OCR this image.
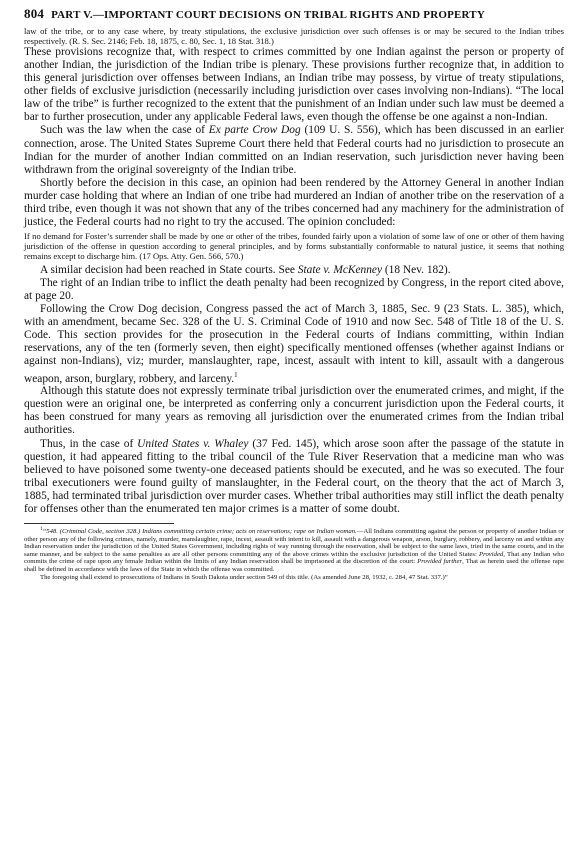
804 PART V.—IMPORTANT COURT DECISIONS ON TRIBAL RIGHTS AND PROPERTY

law of the tribe, or to any case where, by treaty stipulations, the exclusive jurisdiction over such offenses is or may be secured to the Indian tribes respectively. (R. S. Sec. 2146; Feb. 18, 1875, c. 80, Sec. 1, 18 Stat. 318.)

These provisions recognize that, with respect to crimes committed by one Indian against the person or property of another Indian, the jurisdiction of the Indian tribe is plenary. These provisions further recognize that, in addition to this general jurisdiction over offenses between Indians, an Indian tribe may possess, by virtue of treaty stipulations, other fields of exclusive jurisdiction (necessarily including jurisdiction over cases involving non-Indians). “The local law of the tribe” is further recognized to the extent that the punishment of an Indian under such law must be deemed a bar to further prosecution, under any applicable Federal laws, even though the offense be one against a non-Indian.

Such was the law when the case of Ex parte Crow Dog (109 U. S. 556), which has been discussed in an earlier connection, arose. The United States Supreme Court there held that Federal courts had no jurisdiction to prosecute an Indian for the murder of another Indian committed on an Indian reservation, such jurisdiction never having been withdrawn from the original sovereignty of the Indian tribe.

Shortly before the decision in this case, an opinion had been rendered by the Attorney General in another Indian murder case holding that where an Indian of one tribe had murdered an Indian of another tribe on the reservation of a third tribe, even though it was not shown that any of the tribes concerned had any machinery for the administration of justice, the Federal courts had no right to try the accused. The opinion concluded:

If no demand for Foster’s surrender shall be made by one or other of the tribes, founded fairly upon a violation of some law of one or other of them having jurisdiction of the offense in question according to general principles, and by forms substantially conformable to natural justice, it seems that nothing remains except to discharge him. (17 Ops. Atty. Gen. 566, 570.)

A similar decision had been reached in State courts. See State v. McKenney (18 Nev. 182).

The right of an Indian tribe to inflict the death penalty had been recognized by Congress, in the report cited above, at page 20.

Following the Crow Dog decision, Congress passed the act of March 3, 1885, Sec. 9 (23 Stats. L. 385), which, with an amendment, became Sec. 328 of the U. S. Criminal Code of 1910 and now Sec. 548 of Title 18 of the U. S. Code. This section provides for the prosecution in the Federal courts of Indians committing, within Indian reservations, any of the ten (formerly seven, then eight) specifically mentioned offenses (whether against Indians or against non-Indians), viz; murder, manslaughter, rape, incest, assault with intent to kill, assault with a dangerous weapon, arson, burglary, robbery, and larceny.$^1$

Although this statute does not expressly terminate tribal jurisdiction over the enumerated crimes, and might, if the question were an original one, be interpreted as conferring only a concurrent jurisdiction upon the Federal courts, it has been construed for many years as removing all jurisdiction over the enumerated crimes from the Indian tribal authorities.

Thus, in the case of United States v. Whaley (37 Fed. 145), which arose soon after the passage of the statute in question, it had appeared fitting to the tribal council of the Tule River Reservation that a medicine man who was believed to have poisoned some twenty-one deceased patients should be executed, and he was so executed. The four tribal executioners were found guilty of manslaughter, in the Federal court, on the theory that the act of March 3, 1885, had terminated tribal jurisdiction over murder cases. Whether tribal authorities may still inflict the death penalty for offenses other than the enumerated ten major crimes is a matter of some doubt.

$^1$“548. (Criminal Code, section 328.) Indians committing certain crime; acts on reservations; rape on Indian woman.—All Indians committing against the person or property of another Indian or other person any of the following crimes, namely, murder, manslaughter, rape, incest, assault with intent to kill, assault with a dangerous weapon, arson, burglary, robbery, and larceny on and within any Indian reservation under the jurisdiction of the United States Government, including rights of way running through the reservation, shall be subject to the same laws, tried in the same courts, and in the same manner, and be subject to the same penalties as are all other persons committing any of the above crimes within the exclusive jurisdiction of the United States: Provided, That any Indian who commits the crime of rape upon any female Indian within the limits of any Indian reservation shall be imprisoned at the discretion of the court: Provided further, That as herein used the offense rape shall be defined in accordance with the laws of the State in which the offense was committed.

The foregoing shall extend to prosecutions of Indians in South Dakota under section 549 of this title. (As amended June 28, 1932, c. 284, 47 Stat. 337.)”
